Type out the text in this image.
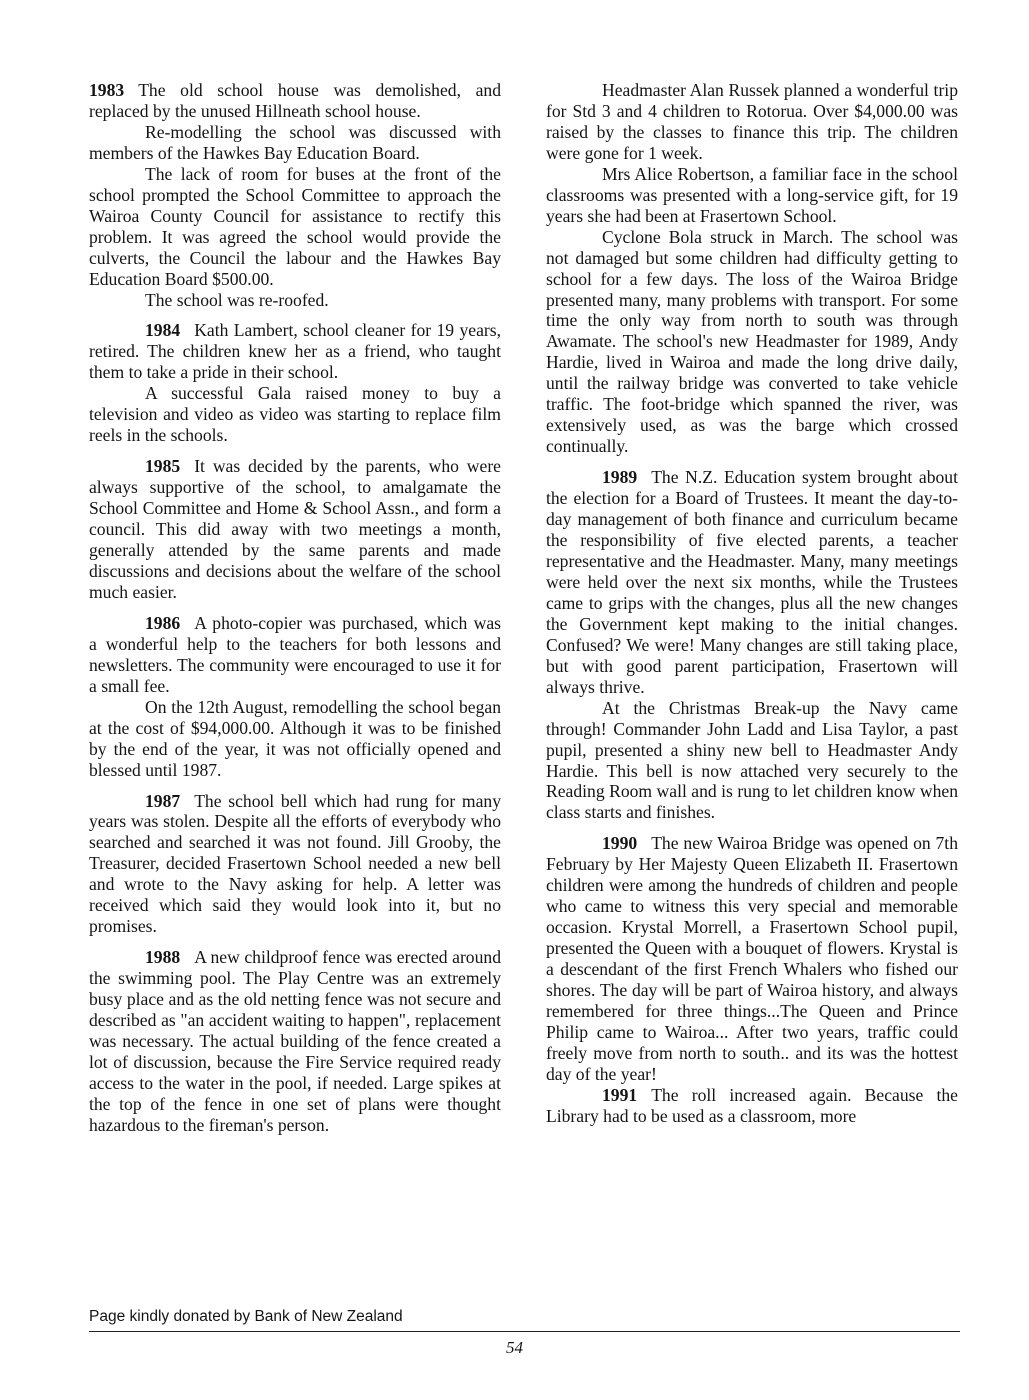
1983 The old school house was demolished, and replaced by the unused Hillneath school house.

Re-modelling the school was discussed with members of the Hawkes Bay Education Board.

The lack of room for buses at the front of the school prompted the School Committee to approach the Wairoa County Council for assistance to rectify this problem. It was agreed the school would provide the culverts, the Council the labour and the Hawkes Bay Education Board $500.00.

The school was re-roofed.

1984 Kath Lambert, school cleaner for 19 years, retired. The children knew her as a friend, who taught them to take a pride in their school.

A successful Gala raised money to buy a television and video as video was starting to replace film reels in the schools.

1985 It was decided by the parents, who were always supportive of the school, to amalgamate the School Committee and Home & School Assn., and form a council. This did away with two meetings a month, generally attended by the same parents and made discussions and decisions about the welfare of the school much easier.

1986 A photo-copier was purchased, which was a wonderful help to the teachers for both lessons and newsletters. The community were encouraged to use it for a small fee.

On the 12th August, remodelling the school began at the cost of $94,000.00. Although it was to be finished by the end of the year, it was not officially opened and blessed until 1987.

1987 The school bell which had rung for many years was stolen. Despite all the efforts of everybody who searched and searched it was not found. Jill Grooby, the Treasurer, decided Frasertown School needed a new bell and wrote to the Navy asking for help. A letter was received which said they would look into it, but no promises.

1988 A new childproof fence was erected around the swimming pool. The Play Centre was an extremely busy place and as the old netting fence was not secure and described as "an accident waiting to happen", replacement was necessary. The actual building of the fence created a lot of discussion, because the Fire Service required ready access to the water in the pool, if needed. Large spikes at the top of the fence in one set of plans were thought hazardous to the fireman's person.

Headmaster Alan Russek planned a wonderful trip for Std 3 and 4 children to Rotorua. Over $4,000.00 was raised by the classes to finance this trip. The children were gone for 1 week.

Mrs Alice Robertson, a familiar face in the school classrooms was presented with a long-service gift, for 19 years she had been at Frasertown School.

Cyclone Bola struck in March. The school was not damaged but some children had difficulty getting to school for a few days. The loss of the Wairoa Bridge presented many, many problems with transport. For some time the only way from north to south was through Awamate. The school's new Headmaster for 1989, Andy Hardie, lived in Wairoa and made the long drive daily, until the railway bridge was converted to take vehicle traffic. The foot-bridge which spanned the river, was extensively used, as was the barge which crossed continually.

1989 The N.Z. Education system brought about the election for a Board of Trustees. It meant the day-to-day management of both finance and curriculum became the responsibility of five elected parents, a teacher representative and the Headmaster. Many, many meetings were held over the next six months, while the Trustees came to grips with the changes, plus all the new changes the Government kept making to the initial changes. Confused? We were! Many changes are still taking place, but with good parent participation, Frasertown will always thrive.

At the Christmas Break-up the Navy came through! Commander John Ladd and Lisa Taylor, a past pupil, presented a shiny new bell to Headmaster Andy Hardie. This bell is now attached very securely to the Reading Room wall and is rung to let children know when class starts and finishes.

1990 The new Wairoa Bridge was opened on 7th February by Her Majesty Queen Elizabeth II. Frasertown children were among the hundreds of children and people who came to witness this very special and memorable occasion. Krystal Morrell, a Frasertown School pupil, presented the Queen with a bouquet of flowers. Krystal is a descendant of the first French Whalers who fished our shores. The day will be part of Wairoa history, and always remembered for three things...The Queen and Prince Philip came to Wairoa... After two years, traffic could freely move from north to south.. and its was the hottest day of the year!

1991 The roll increased again. Because the Library had to be used as a classroom, more

Page kindly donated by Bank of New Zealand
54
